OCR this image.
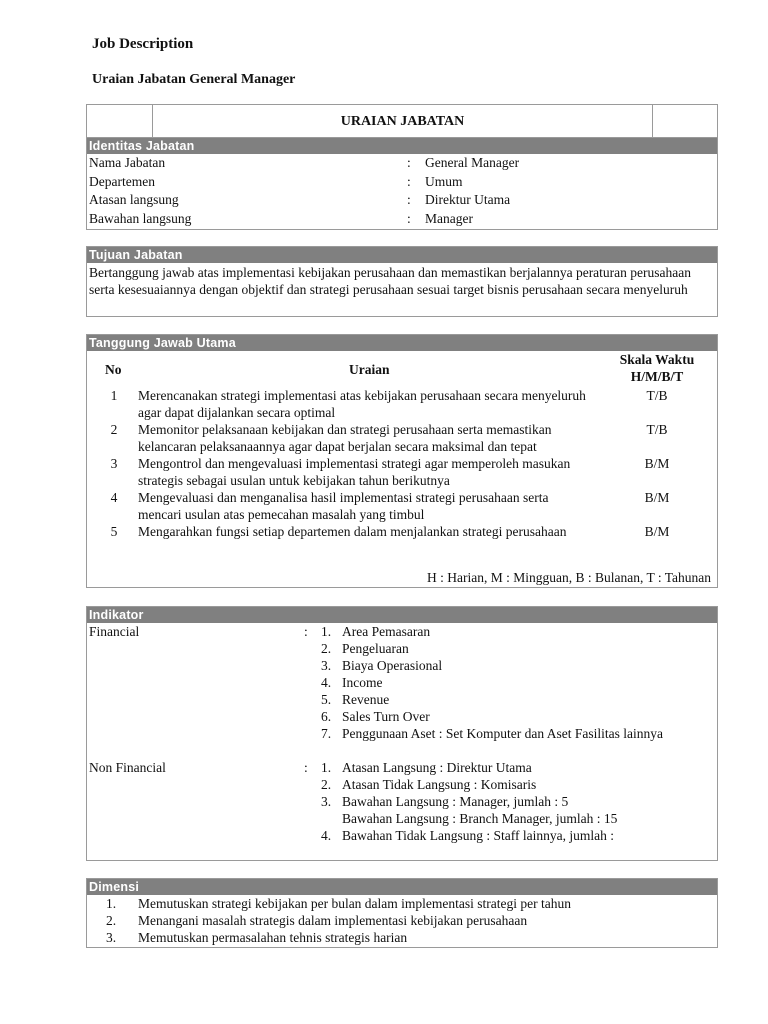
Job Description
Uraian Jabatan General Manager
URAIAN JABATAN
Identitas Jabatan
Nama Jabatan	: General Manager
Departemen	: Umum
Atasan langsung	: Direktur Utama
Bawahan langsung	: Manager
Tujuan Jabatan

Bertanggung jawab atas implementasi kebijakan perusahaan dan memastikan berjalannya peraturan perusahaan serta kesesuaiannya dengan objektif dan strategi perusahaan sesuai target bisnis perusahaan secara menyeluruh

Tanggung Jawab Utama
No	Uraian
Skala Waktu
H/M/B/T
1 Merencanakan strategi implementasi atas kebijakan perusahaan secara menyeluruh agar dapat dijalankan secara optimal
T/B
2 Memonitor pelaksanaan kebijakan dan strategi perusahaan serta memastikan kelancaran pelaksanaannya agar dapat berjalan secara maksimal dan tepat
T/B
3 Mengontrol dan mengevaluasi implementasi strategi agar memperoleh masukan strategis sebagai usulan untuk kebijakan tahun berikutnya
B/M
4 Mengevaluasi dan menganalisa hasil implementasi strategi perusahaan serta mencari usulan atas pemecahan masalah yang timbul
B/M
5 Mengarahkan fungsi setiap departemen dalam menjalankan strategi perusahaan	B/M
H : Harian, M : Mingguan, B : Bulanan, T : Tahunan
Indikator
Financial	: 1. Area Pemasaran
2. Pengeluaran
3. Biaya Operasional
4. Income
5. Revenue
6. Sales Turn Over
7. Penggunaan Aset : Set Komputer dan Aset Fasilitas lainnya
Non Financial	: 1. Atasan Langsung : Direktur Utama
2. Atasan Tidak Langsung : Komisaris
3. Bawahan Langsung : Manager, jumlah : 5
Bawahan Langsung : Branch Manager, jumlah : 15
4. Bawahan Tidak Langsung : Staff lainnya, jumlah :
Dimensi
1. Memutuskan strategi kebijakan per bulan dalam implementasi strategi per tahun
2. Menangani masalah strategis dalam implementasi kebijakan perusahaan
3. Memutuskan permasalahan tehnis strategis harian
